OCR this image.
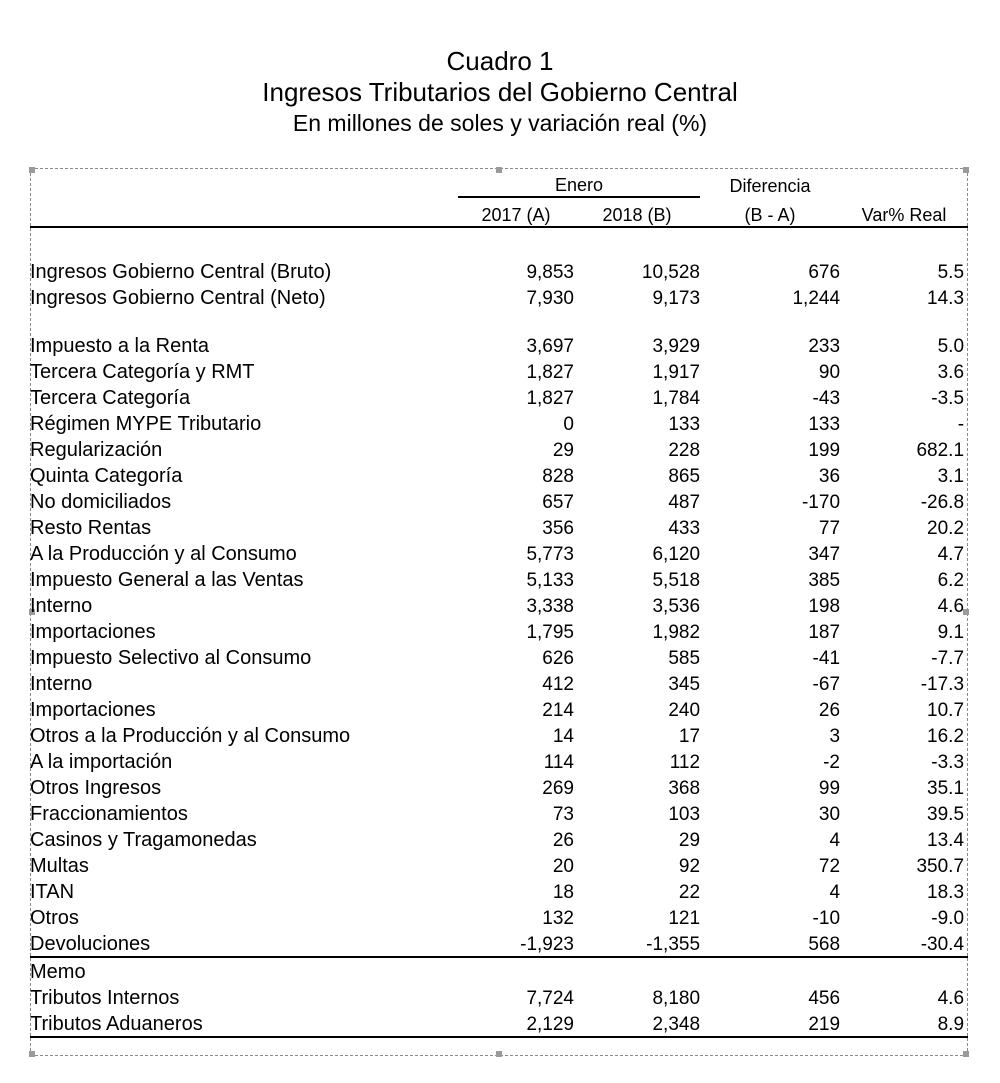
Cuadro 1
Ingresos Tributarios del Gobierno Central
En millones de soles y variación real (%)
	Enero		Diferencia	Var% Real
	2017 (A)	2018 (B)	(B - A)	

Ingresos Gobierno Central (Bruto)	9,853	10,528	676	5.5
Ingresos Gobierno Central (Neto)	7,930	9,173	1,244	14.3

Impuesto a la Renta	3,697	3,929	233	5.0
Tercera Categoría y RMT	1,827	1,917	90	3.6
Tercera Categoría	1,827	1,784	-43	-3.5
Régimen MYPE Tributario	0	133	133	-
Regularización	29	228	199	682.1
Quinta Categoría	828	865	36	3.1
No domiciliados	657	487	-170	-26.8
Resto Rentas	356	433	77	20.2
A la Producción y al Consumo	5,773	6,120	347	4.7
Impuesto General a las Ventas	5,133	5,518	385	6.2
Interno	3,338	3,536	198	4.6
Importaciones	1,795	1,982	187	9.1
Impuesto Selectivo al Consumo	626	585	-41	-7.7
Interno	412	345	-67	-17.3
Importaciones	214	240	26	10.7
Otros a la Producción y al Consumo	14	17	3	16.2
A la importación	114	112	-2	-3.3
Otros Ingresos	269	368	99	35.1
Fraccionamientos	73	103	30	39.5
Casinos y Tragamonedas	26	29	4	13.4
Multas	20	92	72	350.7
ITAN	18	22	4	18.3
Otros	132	121	-10	-9.0
Devoluciones	-1,923	-1,355	568	-30.4
Memo				
Tributos Internos	7,724	8,180	456	4.6
Tributos Aduaneros	2,129	2,348	219	8.9
